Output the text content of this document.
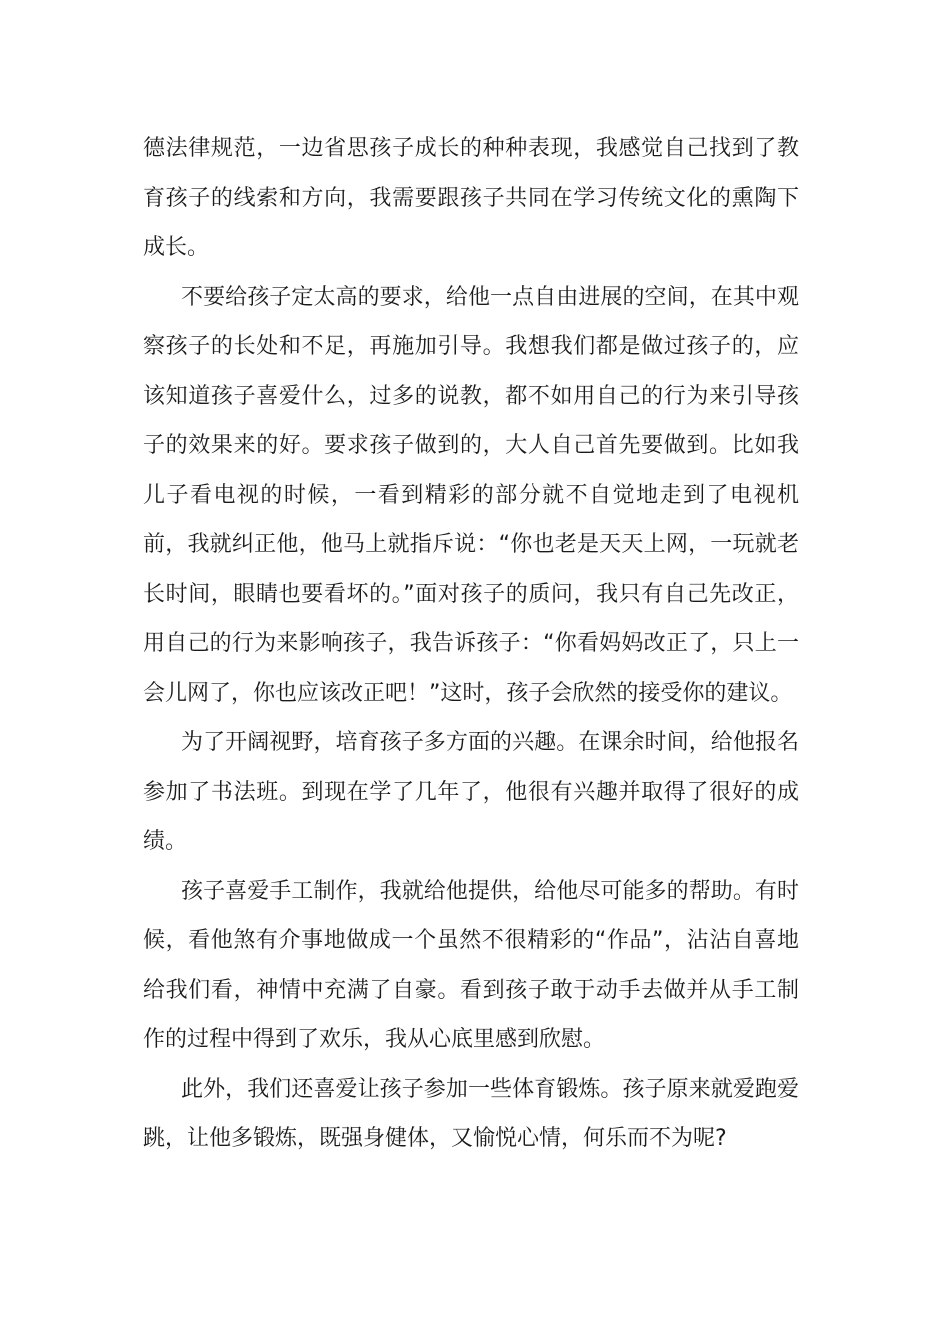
德法律规范，一边省思孩子成长的种种表现，我感觉自己找到了教育孩子的线索和方向，我需要跟孩子共同在学习传统文化的熏陶下成长。

不要给孩子定太高的要求，给他一点自由进展的空间，在其中观察孩子的长处和不足，再施加引导。我想我们都是做过孩子的，应该知道孩子喜爱什么，过多的说教，都不如用自己的行为来引导孩子的效果来的好。要求孩子做到的，大人自己首先要做到。比如我儿子看电视的时候，一看到精彩的部分就不自觉地走到了电视机前，我就纠正他，他马上就指斥说：“你也老是天天上网，一玩就老长时间，眼睛也要看坏的。”面对孩子的质问，我只有自己先改正，用自己的行为来影响孩子，我告诉孩子：“你看妈妈改正了，只上一会儿网了，你也应该改正吧！”这时，孩子会欣然的接受你的建议。

为了开阔视野，培育孩子多方面的兴趣。在课余时间，给他报名参加了书法班。到现在学了几年了，他很有兴趣并取得了很好的成绩。

孩子喜爱手工制作，我就给他提供，给他尽可能多的帮助。有时候，看他煞有介事地做成一个虽然不很精彩的“作品”，沾沾自喜地给我们看，神情中充满了自豪。看到孩子敢于动手去做并从手工制作的过程中得到了欢乐，我从心底里感到欣慰。

此外，我们还喜爱让孩子参加一些体育锻炼。孩子原来就爱跑爱跳，让他多锻炼，既强身健体，又愉悦心情，何乐而不为呢?
